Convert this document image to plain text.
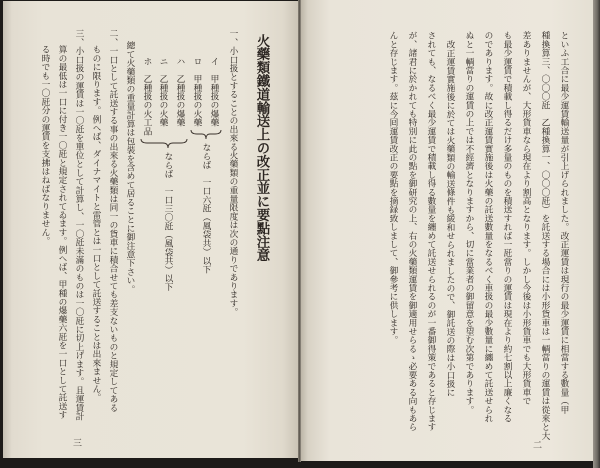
といふ工合に最少運賃輸送量が引上げられました。改正運賃は現行の最少運賃に相當する數量（甲
種換算三、〇〇〇瓩　乙種換算一、〇〇〇瓩）を託送する場合には小形貨車は一輌當りの運賃は從來と大
差ありませんが、大形貨車なら現在より割高となります。しかし今後は小形貨車でも大形貨車で
も最少運賃で積載し得るだけ多量のものを積送すれば一瓩當りの運賃は現在より約七割以上廉くなる
のであります。故に改正運賃實施後は火藥の託送數量をなるべく車扱の最少數量に纏めて託送せられ
ぬと一輌當りの運賃の上では不經濟となりますから、切に當業者の御留意を望む次第であります。
改正運賃實施後に於ては火藥類の輸送條件も緩和せられましたので、御託送の際は小口扱に
されても、なるべく最少運賃で積載し得る數量を纏めて託送せられるのが一番御得策であると存じます
が、諸君に於かれても特別に此の點を御研究の上、右の火藥類運賃を御適用せらるゝ必要ある向もあら
んと存じます。茲に今囘運賃改正の要點を摘録致しまして、御參考に供します。
二
火藥類鐵道輸送上の改正並に要點注意
一、小口扱とすることの出來る火藥類の重量限度は次の通りであります。
イ　甲種扱の爆藥
ロ　甲種扱の火藥
ならば　一口六瓩（風袋共）以下
ハ　乙種扱の爆藥
ニ　乙種扱の火藥
ホ　乙種扱の火工品
ならば　一口三〇瓩（風袋共）以下
總て火藥類の重量計算は包裝を含めて居ることに御注意下さい。
二、一口として託送する事の出來る火藥類は同一の貨車に積合せても差支ないものと規定してある
ものに限ります。例へば、ダイナマイトと雷管とは一口として託送することは出來ません。
三、小口扱の運賃は一〇瓩を單位として計算し、一〇瓩未滿のものは一〇瓩に切上げます。且運賃計
算の最低は一口に付き一〇瓩と規定されてゐます。例へば、甲種の爆藥六瓩を一口として託送す
る時でも一〇瓩分の運賃を支拂はねばなりません。
三
